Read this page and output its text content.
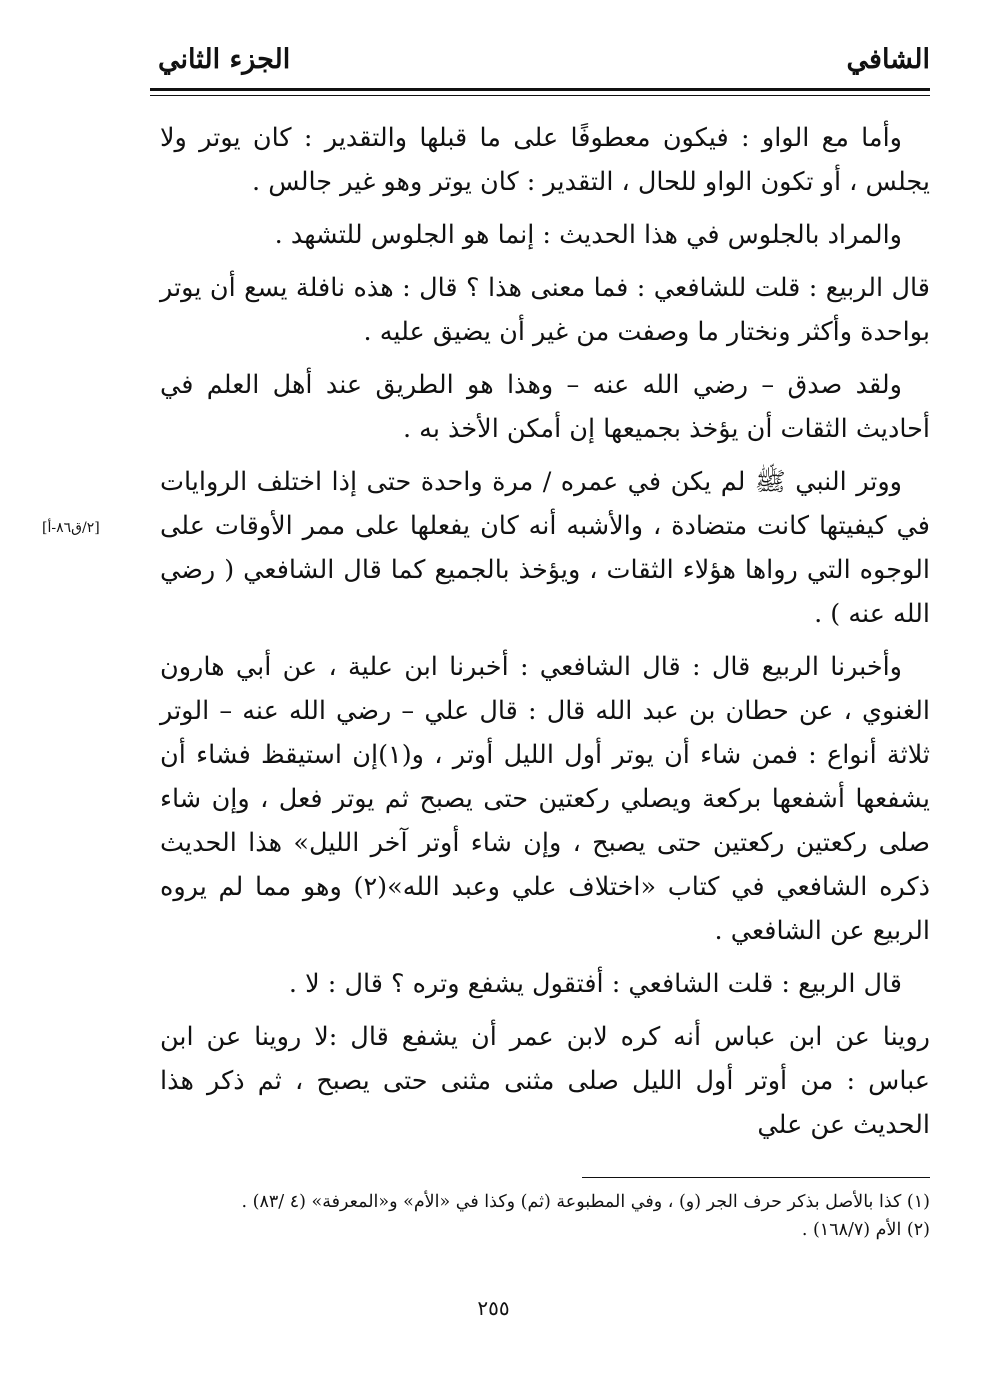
الشافي
الجزء الثاني
[٢/ق٨٦-أ]

وأما مع الواو : فيكون معطوفًا على ما قبلها والتقدير : كان يوتر ولا يجلس ، أو تكون الواو للحال ، التقدير : كان يوتر وهو غير جالس .

والمراد بالجلوس في هذا الحديث : إنما هو الجلوس للتشهد .

قال الربيع : قلت للشافعي : فما معنى هذا ؟ قال : هذه نافلة يسع أن يوتر بواحدة وأكثر ونختار ما وصفت من غير أن يضيق عليه .

ولقد صدق – رضي الله عنه – وهذا هو الطريق عند أهل العلم في أحاديث الثقات أن يؤخذ بجميعها إن أمكن الأخذ به .

ووتر النبي ﷺ لم يكن في عمره / مرة واحدة حتى إذا اختلف الروايات في كيفيتها كانت متضادة ، والأشبه أنه كان يفعلها على ممر الأوقات على الوجوه التي رواها هؤلاء الثقات ، ويؤخذ بالجميع كما قال الشافعي ( رضي الله عنه ) .

وأخبرنا الربيع قال : قال الشافعي : أخبرنا ابن علية ، عن أبي هارون الغنوي ، عن حطان بن عبد الله قال : قال علي – رضي الله عنه – الوتر ثلاثة أنواع : فمن شاء أن يوتر أول الليل أوتر ، و(١)إن استيقظ فشاء أن يشفعها أشفعها بركعة ويصلي ركعتين حتى يصبح ثم يوتر فعل ، وإن شاء صلى ركعتين ركعتين حتى يصبح ، وإن شاء أوتر آخر الليل» هذا الحديث ذكره الشافعي في كتاب «اختلاف علي وعبد الله»(٢) وهو مما لم يروه الربيع عن الشافعي .

قال الربيع : قلت الشافعي : أفتقول يشفع وتره ؟ قال : لا .

روينا عن ابن عباس أنه كره لابن عمر أن يشفع قال :لا روينا عن ابن عباس : من أوتر أول الليل صلى مثنى مثنى حتى يصبح ، ثم ذكر هذا الحديث عن علي

(١) كذا بالأصل بذكر حرف الجر (و) ، وفي المطبوعة (ثم) وكذا في «الأم» و«المعرفة» (٤ /٨٣) .
(٢) الأم (١٦٨/٧) .
٢٥٥
